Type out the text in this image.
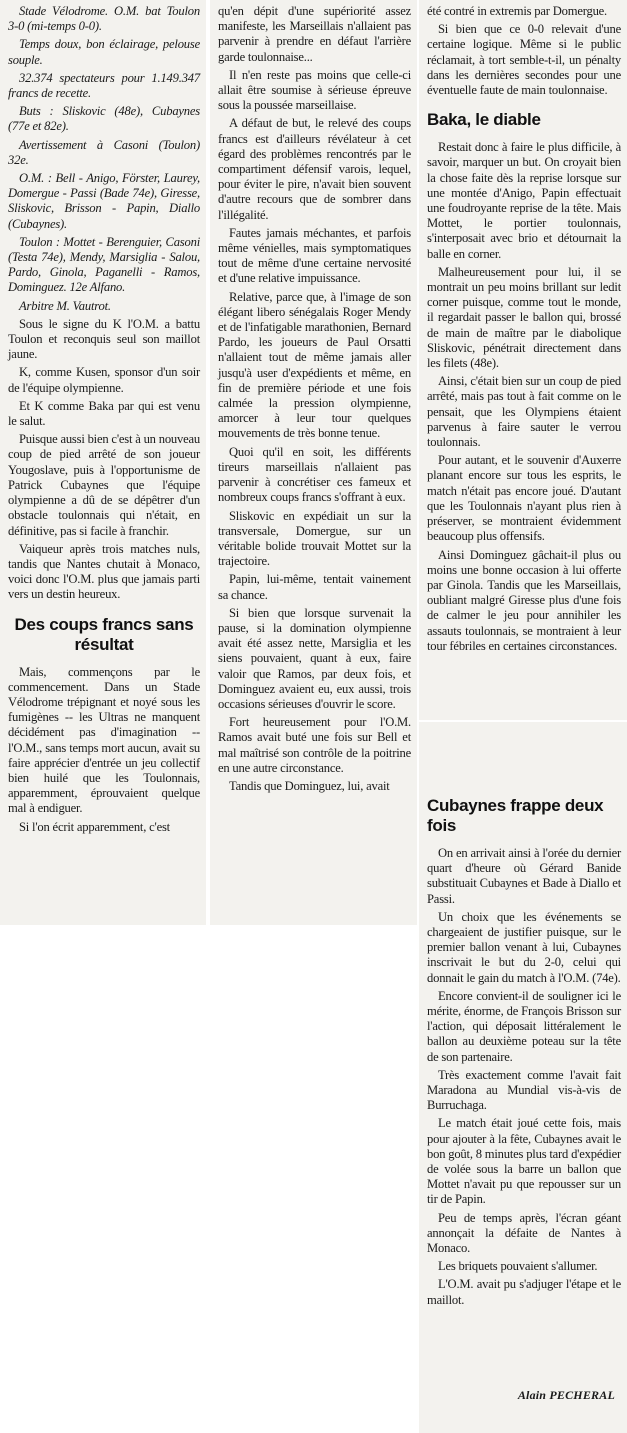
Stade Vélodrome. O.M. bat Toulon 3-0 (mi-temps 0-0).

Temps doux, bon éclairage, pelouse souple.

32.374 spectateurs pour 1.149.347 francs de recette.

Buts : Sliskovic (48e), Cubaynes (77e et 82e).

Avertissement à Casoni (Toulon) 32e.

O.M. : Bell - Anigo, Förster, Laurey, Domergue - Passi (Bade 74e), Giresse, Sliskovic, Brisson - Papin, Diallo (Cubaynes).

Toulon : Mottet - Berenguier, Casoni (Testa 74e), Mendy, Marsiglia - Salou, Pardo, Ginola, Paganelli - Ramos, Dominguez. 12e Alfano.

Arbitre M. Vautrot.

Sous le signe du K l'O.M. a battu Toulon et reconquis seul son maillot jaune.

K, comme Kusen, sponsor d'un soir de l'équipe olympienne.

Et K comme Baka par qui est venu le salut.

Puisque aussi bien c'est à un nouveau coup de pied arrêté de son joueur Yougoslave, puis à l'opportunisme de Patrick Cubaynes que l'équipe olympienne a dû de se dépêtrer d'un obstacle toulonnais qui n'était, en définitive, pas si facile à franchir.

Vaiqueur après trois matches nuls, tandis que Nantes chutait à Monaco, voici donc l'O.M. plus que jamais parti vers un destin heureux.

Des coups francs sans résultat

Mais, commençons par le commencement. Dans un Stade Vélodrome trépignant et noyé sous les fumigènes -- les Ultras ne manquent décidément pas d'imagination -- l'O.M., sans temps mort aucun, avait su faire apprécier d'entrée un jeu collectif bien huilé que les Toulonnais, apparemment, éprouvaient quelque mal à endiguer.

Si l'on écrit apparemment, c'est

qu'en dépit d'une supériorité assez manifeste, les Marseillais n'allaient pas parvenir à prendre en défaut l'arrière garde toulonnaise...

Il n'en reste pas moins que celle-ci allait être soumise à sérieuse épreuve sous la poussée marseillaise.

A défaut de but, le relevé des coups francs est d'ailleurs révélateur à cet égard des problèmes rencontrés par le compartiment défensif varois, lequel, pour éviter le pire, n'avait bien souvent d'autre recours que de sombrer dans l'illégalité.

Fautes jamais méchantes, et parfois même vénielles, mais symptomatiques tout de même d'une certaine nervosité et d'une relative impuissance.

Relative, parce que, à l'image de son élégant libero sénégalais Roger Mendy et de l'infatigable marathonien, Bernard Pardo, les joueurs de Paul Orsatti n'allaient tout de même jamais aller jusqu'à user d'expédients et même, en fin de première période et une fois calmée la pression olympienne, amorcer à leur tour quelques mouvements de très bonne tenue.

Quoi qu'il en soit, les différents tireurs marseillais n'allaient pas parvenir à concrétiser ces fameux et nombreux coups francs s'offrant à eux.

Sliskovic en expédiait un sur la transversale, Domergue, sur un véritable bolide trouvait Mottet sur la trajectoire.

Papin, lui-même, tentait vainement sa chance.

Si bien que lorsque survenait la pause, si la domination olympienne avait été assez nette, Marsiglia et les siens pouvaient, quant à eux, faire valoir que Ramos, par deux fois, et Dominguez avaient eu, eux aussi, trois occasions sérieuses d'ouvrir le score.

Fort heureusement pour l'O.M. Ramos avait buté une fois sur Bell et mal maîtrisé son contrôle de la poitrine en une autre circonstance.

Tandis que Dominguez, lui, avait

été contré in extremis par Domergue.

Si bien que ce 0-0 relevait d'une certaine logique. Même si le public réclamait, à tort semble-t-il, un pénalty dans les dernières secondes pour une éventuelle faute de main toulonnaise.

Baka, le diable

Restait donc à faire le plus difficile, à savoir, marquer un but. On croyait bien la chose faite dès la reprise lorsque sur une montée d'Anigo, Papin effectuait une foudroyante reprise de la tête. Mais Mottet, le portier toulonnais, s'interposait avec brio et détournait la balle en corner.

Malheureusement pour lui, il se montrait un peu moins brillant sur ledit corner puisque, comme tout le monde, il regardait passer le ballon qui, brossé de main de maître par le diabolique Sliskovic, pénétrait directement dans les filets (48e).

Ainsi, c'était bien sur un coup de pied arrêté, mais pas tout à fait comme on le pensait, que les Olympiens étaient parvenus à faire sauter le verrou toulonnais.

Pour autant, et le souvenir d'Auxerre planant encore sur tous les esprits, le match n'était pas encore joué. D'autant que les Toulonnais n'ayant plus rien à préserver, se montraient évidemment beaucoup plus offensifs.

Ainsi Dominguez gâchait-il plus ou moins une bonne occasion à lui offerte par Ginola. Tandis que les Marseillais, oubliant malgré Giresse plus d'une fois de calmer le jeu pour annihiler les assauts toulonnais, se montraient à leur tour fébriles en certaines circonstances.

Cubaynes frappe deux fois

On en arrivait ainsi à l'orée du dernier quart d'heure où Gérard Banide substituait Cubaynes et Bade à Diallo et Passi.

Un choix que les événements se chargeaient de justifier puisque, sur le premier ballon venant à lui, Cubaynes inscrivait le but du 2-0, celui qui donnait le gain du match à l'O.M. (74e).

Encore convient-il de souligner ici le mérite, énorme, de François Brisson sur l'action, qui déposait littéralement le ballon au deuxième poteau sur la tête de son partenaire.

Très exactement comme l'avait fait Maradona au Mundial vis-à-vis de Burruchaga.

Le match était joué cette fois, mais pour ajouter à la fête, Cubaynes avait le bon goût, 8 minutes plus tard d'expédier de volée sous la barre un ballon que Mottet n'avait pu que repousser sur un tir de Papin.

Peu de temps après, l'écran géant annonçait la défaite de Nantes à Monaco.

Les briquets pouvaient s'allumer.

L'O.M. avait pu s'adjuger l'étape et le maillot.

Alain PECHERAL
